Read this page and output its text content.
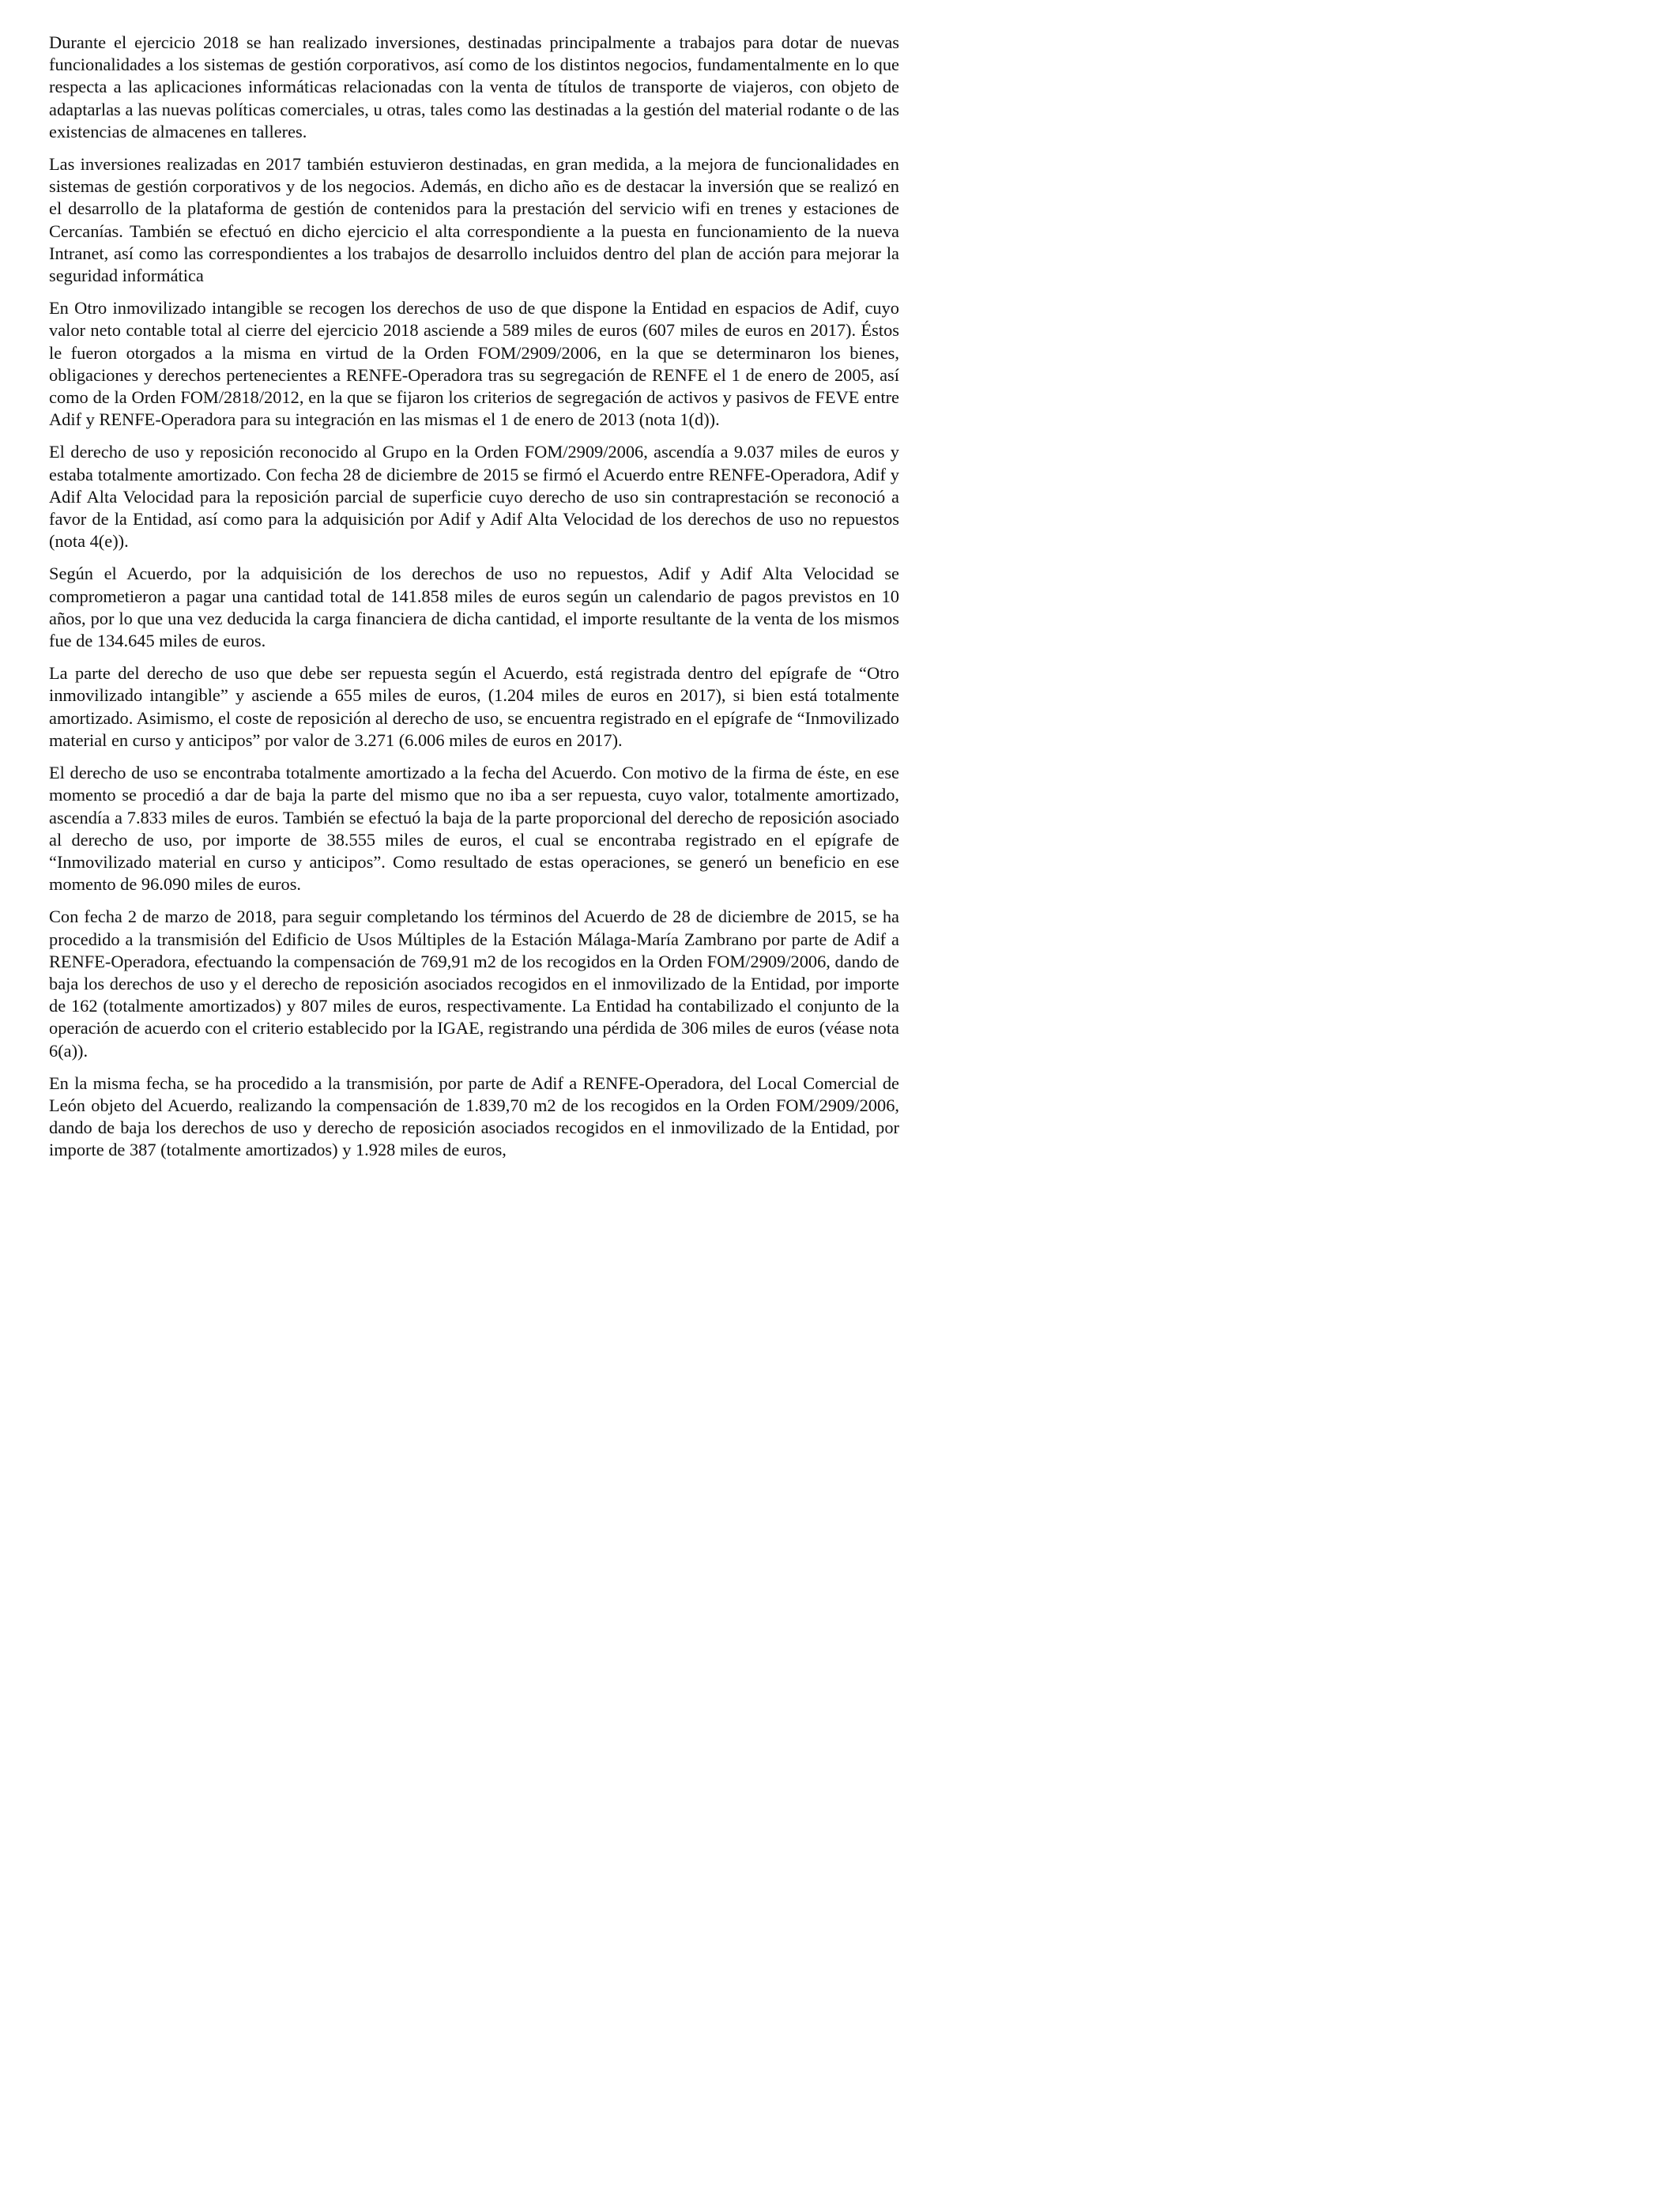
Durante el ejercicio 2018 se han realizado inversiones, destinadas principalmente a trabajos para dotar de nuevas funcionalidades a los sistemas de gestión corporativos, así como de los distintos negocios, fundamentalmente en lo que respecta a las aplicaciones informáticas relacionadas con la venta de títulos de transporte de viajeros, con objeto de adaptarlas a las nuevas políticas comerciales, u otras, tales como las destinadas a la gestión del material rodante o de las existencias de almacenes en talleres.

Las inversiones realizadas en 2017 también estuvieron destinadas, en gran medida, a la mejora de funcionalidades en sistemas de gestión corporativos y de los negocios. Además, en dicho año es de destacar la inversión que se realizó en el desarrollo de la plataforma de gestión de contenidos para la prestación del servicio wifi en trenes y estaciones de Cercanías. También se efectuó en dicho ejercicio el alta correspondiente a la puesta en funcionamiento de la nueva Intranet, así como las correspondientes a los trabajos de desarrollo incluidos dentro del plan de acción para mejorar la seguridad informática

En Otro inmovilizado intangible se recogen los derechos de uso de que dispone la Entidad en espacios de Adif, cuyo valor neto contable total al cierre del ejercicio 2018 asciende a 589 miles de euros (607 miles de euros en 2017). Éstos le fueron otorgados a la misma en virtud de la Orden FOM/2909/2006, en la que se determinaron los bienes, obligaciones y derechos pertenecientes a RENFE-Operadora tras su segregación de RENFE el 1 de enero de 2005, así como de la Orden FOM/2818/2012, en la que se fijaron los criterios de segregación de activos y pasivos de FEVE entre Adif y RENFE-Operadora para su integración en las mismas el 1 de enero de 2013 (nota 1(d)).

El derecho de uso y reposición reconocido al Grupo en la Orden FOM/2909/2006, ascendía a 9.037 miles de euros y estaba totalmente amortizado. Con fecha 28 de diciembre de 2015 se firmó el Acuerdo entre RENFE-Operadora, Adif y Adif Alta Velocidad para la reposición parcial de superficie cuyo derecho de uso sin contraprestación se reconoció a favor de la Entidad, así como para la adquisición por Adif y Adif Alta Velocidad de los derechos de uso no repuestos (nota 4(e)).

Según el Acuerdo, por la adquisición de los derechos de uso no repuestos, Adif y Adif Alta Velocidad se comprometieron a pagar una cantidad total de 141.858 miles de euros según un calendario de pagos previstos en 10 años, por lo que una vez deducida la carga financiera de dicha cantidad, el importe resultante de la venta de los mismos fue de 134.645 miles de euros.

La parte del derecho de uso que debe ser repuesta según el Acuerdo, está registrada dentro del epígrafe de “Otro inmovilizado intangible” y asciende a 655 miles de euros, (1.204 miles de euros en 2017), si bien está totalmente amortizado. Asimismo, el coste de reposición al derecho de uso, se encuentra registrado en el epígrafe de “Inmovilizado material en curso y anticipos” por valor de 3.271 (6.006 miles de euros en 2017).

El derecho de uso se encontraba totalmente amortizado a la fecha del Acuerdo. Con motivo de la firma de éste, en ese momento se procedió a dar de baja la parte del mismo que no iba a ser repuesta, cuyo valor, totalmente amortizado, ascendía a 7.833 miles de euros. También se efectuó la baja de la parte proporcional del derecho de reposición asociado al derecho de uso, por importe de 38.555 miles de euros, el cual se encontraba registrado en el epígrafe de “Inmovilizado material en curso y anticipos”. Como resultado de estas operaciones, se generó un beneficio en ese momento de 96.090 miles de euros.

Con fecha 2 de marzo de 2018, para seguir completando los términos del Acuerdo de 28 de diciembre de 2015, se ha procedido a la transmisión del Edificio de Usos Múltiples de la Estación Málaga-María Zambrano por parte de Adif a RENFE-Operadora, efectuando la compensación de 769,91 m2 de los recogidos en la Orden FOM/2909/2006, dando de baja los derechos de uso y el derecho de reposición asociados recogidos en el inmovilizado de la Entidad, por importe de 162 (totalmente amortizados) y 807 miles de euros, respectivamente. La Entidad ha contabilizado el conjunto de la operación de acuerdo con el criterio establecido por la IGAE, registrando una pérdida de 306 miles de euros (véase nota 6(a)).

En la misma fecha, se ha procedido a la transmisión, por parte de Adif a RENFE-Operadora, del Local Comercial de León objeto del Acuerdo, realizando la compensación de 1.839,70 m2 de los recogidos en la Orden FOM/2909/2006, dando de baja los derechos de uso y derecho de reposición asociados recogidos en el inmovilizado de la Entidad, por importe de 387 (totalmente amortizados) y 1.928 miles de euros,
